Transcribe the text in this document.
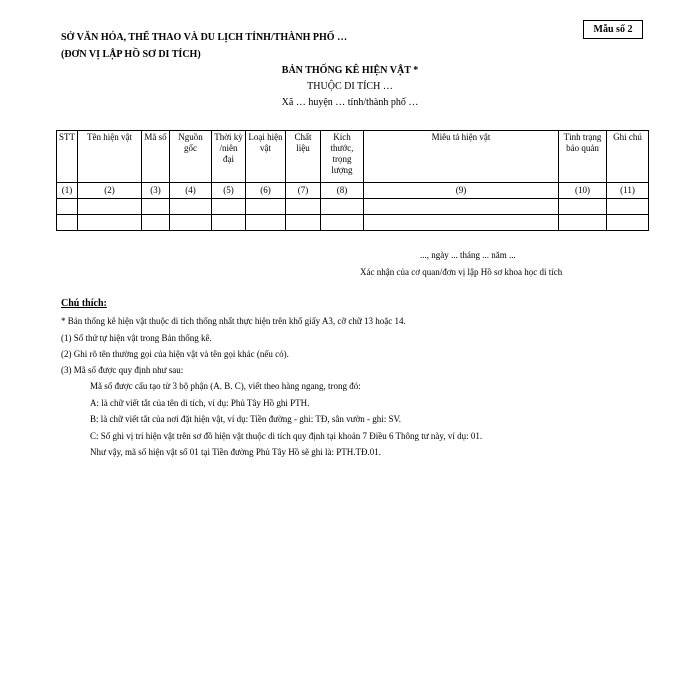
Mẫu số 2
SỞ VĂN HÓA, THỂ THAO VÀ DU LỊCH TỈNH/THÀNH PHỐ …
(ĐƠN VỊ LẬP HỒ SƠ DI TÍCH)
BẢN THỐNG KÊ HIỆN VẬT *
THUỘC DI TÍCH …
Xã … huyện … tỉnh/thành phố …
STT	Tên hiện vật	Mã số	Nguồn gốc	Thời kỳ /niên đại	Loại hiện vật	Chất liệu	Kích thước, trọng lượng	Miêu tả hiện vật	Tình trạng bảo quản	Ghi chú
(1)	(2)	(3)	(4)	(5)	(6)	(7)	(8)	(9)	(10)	(11)

..., ngày ... tháng ... năm ...
Xác nhận của cơ quan/đơn vị lập Hồ sơ khoa học di tích
Chú thích:
* Bản thống kê hiện vật thuộc di tích thống nhất thực hiện trên khổ giấy A3, cỡ chữ 13 hoặc 14.
(1) Số thứ tự hiện vật trong Bản thống kê.
(2) Ghi rõ tên thường gọi của hiện vật và tên gọi khác (nếu có).
(3) Mã số được quy định như sau:
Mã số được cấu tạo từ 3 bộ phận (A. B. C), viết theo hàng ngang, trong đó:
A: là chữ viết tắt của tên di tích, ví dụ: Phủ Tây Hồ ghi PTH.
B: là chữ viết tắt của nơi đặt hiện vật, ví dụ: Tiền đường - ghi: TĐ, sân vườn - ghi: SV.
C: Số ghi vị trí hiện vật trên sơ đồ hiện vật thuộc di tích quy định tại khoản 7 Điều 6 Thông tư này, ví dụ: 01.
Như vậy, mã số hiện vật số 01 tại Tiền đường Phủ Tây Hồ sẽ ghi là: PTH.TĐ.01.
